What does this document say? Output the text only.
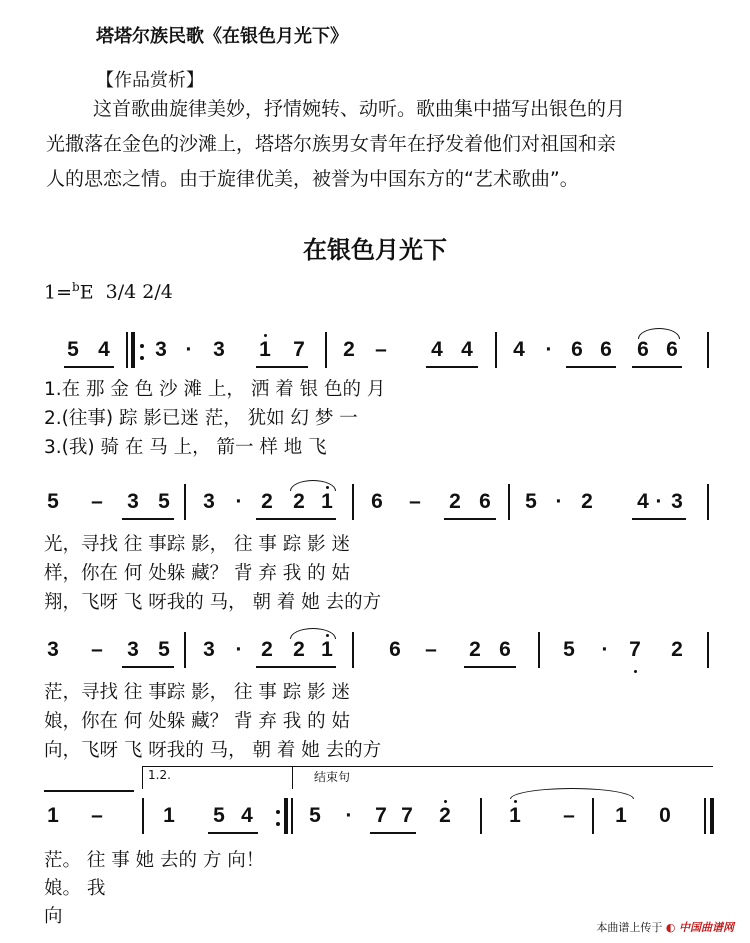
塔塔尔族民歌《在银色月光下》
【作品赏析】
这首歌曲旋律美妙，抒情婉转、动听。歌曲集中描写出银色的月
光撒落在金色的沙滩上，塔塔尔族男女青年在抒发着他们对祖国和亲
人的思恋之情。由于旋律优美，被誉为中国东方的“艺术歌曲”。
在银色月光下
1=$^b$E 3/4 2/4
5 4 3 · 3 1 7 2 – 4 4 4 · 6 6 6 6
1.在 那 金 色 沙 滩 上， 洒 着 银 色的 月
2.(往事) 踪 影已迷 茫， 犹如 幻 梦 一
3.(我) 骑 在 马 上， 箭一 样 地 飞
5 – 3 5 3 · 2 2 1 6 – 2 6 5 · 2 4 · 3
光，寻找 往 事踪 影， 往 事 踪 影 迷
样，你在 何 处躲 藏？ 背 弃 我 的 姑
翔，飞呀 飞 呀我的 马， 朝 着 她 去的方
3 – 3 5 3 · 2 2 1	6 – 2 6 5 · 7 2
茫，寻找 往 事踪 影， 往 事 踪 影 迷
娘，你在 何 处躲 藏？ 背 弃 我 的 姑
向，飞呀 飞 呀我的 马， 朝 着 她 去的方
1.2.	结束句
1 –	1 5 4	5 · 7 7 2	1 – 1 0
茫。 往 事 她 去的 方 向！
娘。 我
向
本曲谱上传于 ◐ 中国曲谱网
